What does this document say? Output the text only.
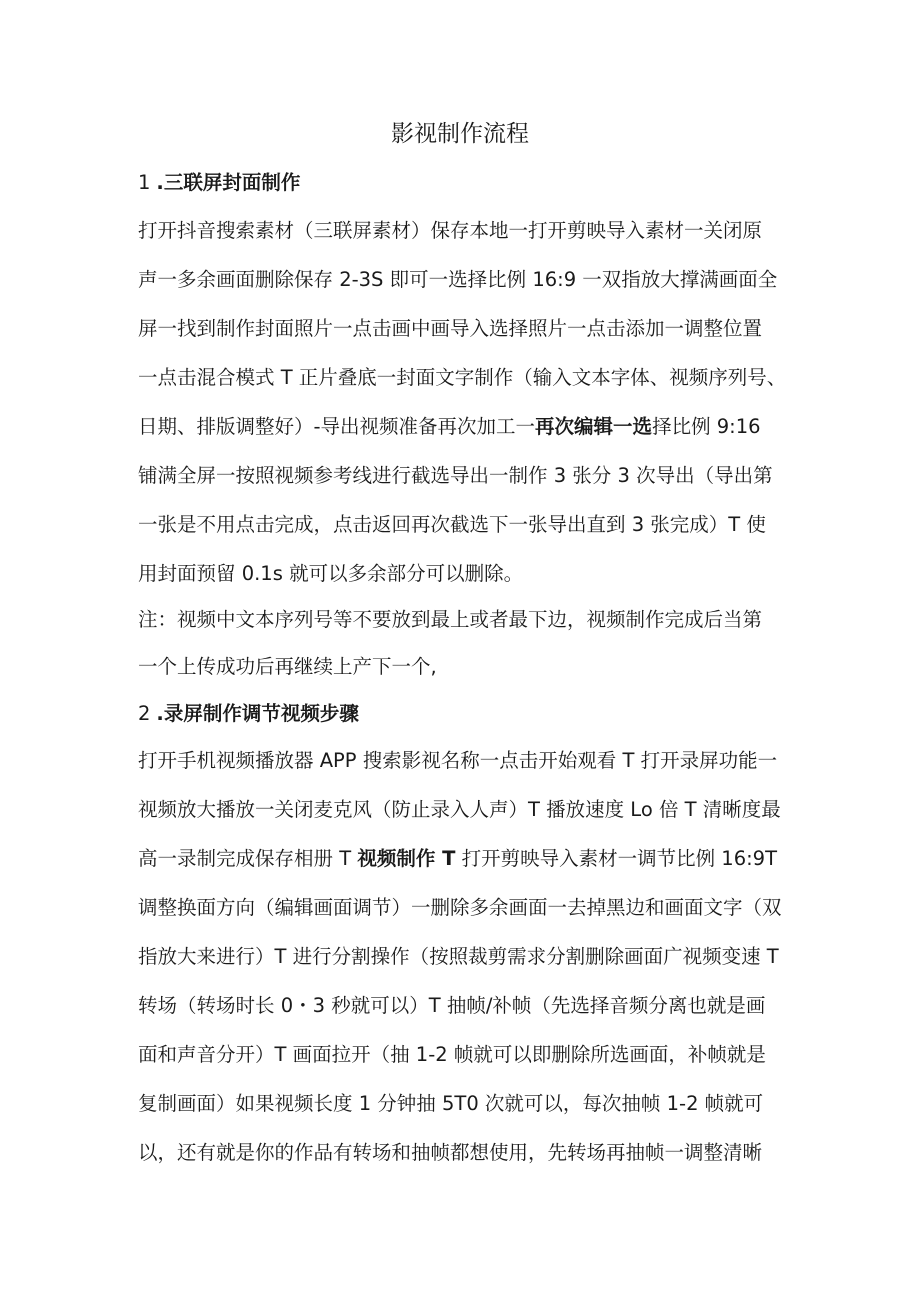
影视制作流程
1 .三联屏封面制作
打开抖音搜索素材（三联屏素材）保存本地一打开剪映导入素材一关闭原
声一多余画面删除保存 2-3S 即可一选择比例 16:9 一双指放大撑满画面全
屏一找到制作封面照片一点击画中画导入选择照片一点击添加一调整位置
一点击混合模式 T 正片叠底一封面文字制作（输入文本字体、视频序列号、
日期、排版调整好）-导出视频准备再次加工一再次编辑一选择比例 9:16
铺满全屏一按照视频参考线进行截选导出一制作 3 张分 3 次导出（导出第
一张是不用点击完成，点击返回再次截选下一张导出直到 3 张完成）T 使
用封面预留 0.1s 就可以多余部分可以删除。
注：视频中文本序列号等不要放到最上或者最下边，视频制作完成后当第
一个上传成功后再继续上产下一个,
2 .录屏制作调节视频步骤
打开手机视频播放器 APP 搜索影视名称一点击开始观看 T 打开录屏功能一
视频放大播放一关闭麦克风（防止录入人声）T 播放速度 Lo 倍 T 清晰度最
高一录制完成保存相册 T 视频制作 T 打开剪映导入素材一调节比例 16:9T
调整换面方向（编辑画面调节）一删除多余画面一去掉黑边和画面文字（双
指放大来进行）T 进行分割操作（按照裁剪需求分割删除画面广视频变速 T
转场（转场时长 0・3 秒就可以）T 抽帧/补帧（先选择音频分离也就是画
面和声音分开）T 画面拉开（抽 1-2 帧就可以即删除所选画面，补帧就是
复制画面）如果视频长度 1 分钟抽 5T0 次就可以，每次抽帧 1-2 帧就可
以，还有就是你的作品有转场和抽帧都想使用，先转场再抽帧一调整清晰
